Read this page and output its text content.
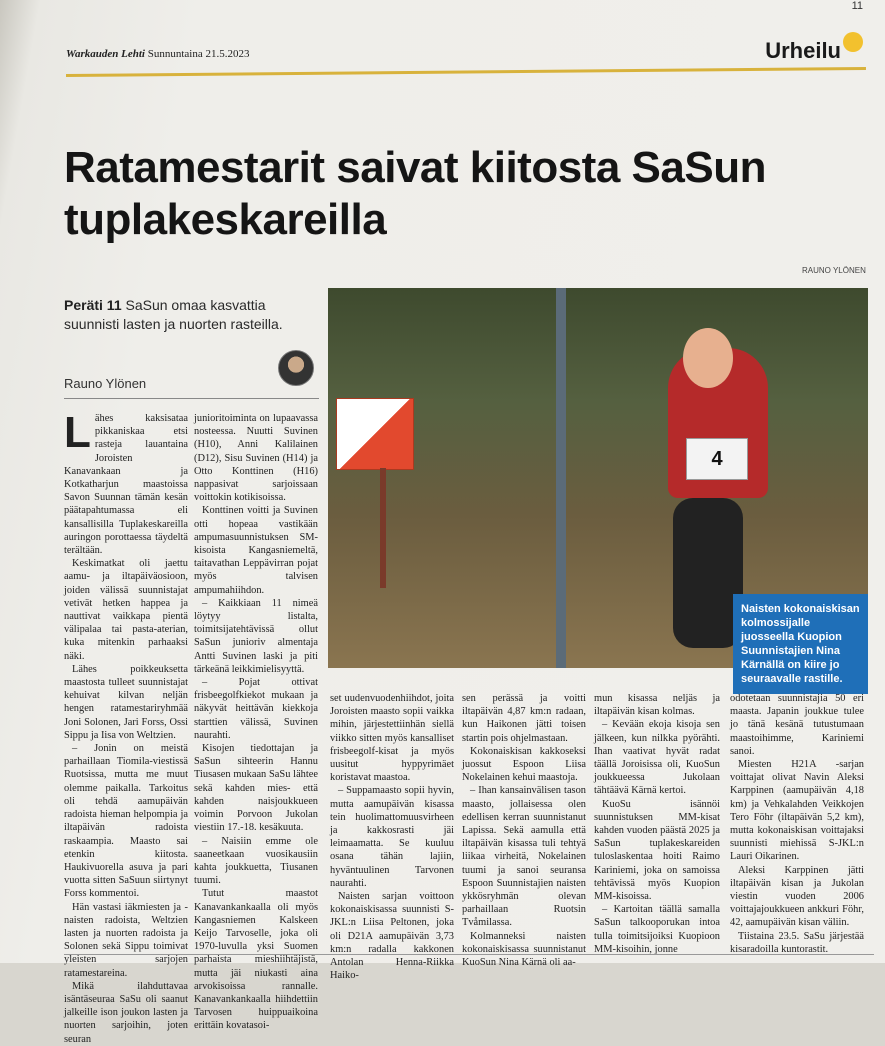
11
Warkauden Lehti Sunnuntaina 21.5.2023	Urheilu
Ratamestarit saivat kiitosta SaSun tuplakeskareilla
RAUNO YLÖNEN
Peräti 11 SaSun omaa kasvattia suunnisti lasten ja nuorten rasteilla.
Rauno Ylönen
4
Naisten kokonaiskisan kolmossijalle juosseella Kuopion Suunnistajien Nina Kärnällä on kiire jo seuraavalle rastille.

Lähes kaksisataa pikkaniskaa etsi rasteja lauantaina Joroisten Kanavankaan ja Kotkatharjun maastoissa Savon Suunnan tämän kesän päätapahtumassa eli kansallisilla Tuplakeskareilla auringon porottaessa täydeltä terältään.

Keskimatkat oli jaettu aamu- ja iltapäiväosioon, joiden välissä suunnistajat vetivät hetken happea ja nauttivat vaikkapa pientä välipalaa tai pasta-aterian, kuka mitenkin parhaaksi näki.

Lähes poikkeuksetta maastosta tulleet suunnistajat kehuivat kilvan neljän hengen ratamestariryhmää Joni Solonen, Jari Forss, Ossi Sippu ja Iisa von Weltzien.

– Jonin on meistä parhaillaan Tiomila-viestissä Ruotsissa, mutta me muut olemme paikalla. Tarkoitus oli tehdä aamupäivän radoista hieman helpompia ja iltapäivän radoista raskaampia. Maasto sai etenkin kiitosta. Haukivuorella asuva ja pari vuotta sitten SaSuun siirtynyt Forss kommentoi.

Hän vastasi iäkmiesten ja -naisten radoista, Weltzien lasten ja nuorten radoista ja Solonen sekä Sippu toimivat yleisten sarjojen ratamestareina.

Mikä ilahduttavaa isäntäseuraa SaSu oli saanut jalkeille ison joukon lasten ja nuorten sarjoihin, joten seuran

junioritoiminta on lupaavassa nosteessa. Nuutti Suvinen (H10), Anni Kalilainen (D12), Sisu Suvinen (H14) ja Otto Konttinen (H16) nappasivat sarjoissaan voittokin kotikisoissa.

Konttinen voitti ja Suvinen otti hopeaa vastikään ampumasuunnistuksen SM-kisoista Kangasniemeltä, taitavathan Leppävirran pojat myös talvisen ampumahiihdon.

– Kaikkiaan 11 nimeä löytyy listalta, toimitsijatehtävissä ollut SaSun junioriv almentaja Antti Suvinen laski ja piti tärkeänä leikkimielisyyttä.

– Pojat ottivat frisbeegolfkiekot mukaan ja näkyvät heittävän kiekkoja starttien välissä, Suvinen naurahti.

Kisojen tiedottajan ja SaSun sihteerin Hannu Tiusasen mukaan SaSu lähtee sekä kahden mies- että kahden naisjoukkueen voimin Porvoon Jukolan viestiin 17.-18. kesäkuuta.

– Naisiin emme ole saaneetkaan vuosikausiin kahta joukkuetta, Tiusanen tuumi.

Tutut maastot Kanavankankaalla oli myös Kangasniemen Kalskeen Keijo Tarvoselle, joka oli 1970-luvulla yksi Suomen parhaista mieshiihtäjistä, mutta jäi niukasti aina arvokisoissa rannalle. Kanavankankaalla hiihdettiin Tarvosen huippuaikoina erittäin kovatasoi-

set uudenvuodenhiihdot, joita Joroisten maasto sopii vaikka mihin, järjestettiinhän siellä viikko sitten myös kansalliset frisbeegolf-kisat ja myös uusitut hyppyrimäet koristavat maastoa.

– Suppamaasto sopii hyvin, mutta aamupäivän kisassa tein huolimattomuusvirheen ja kakkosrasti jäi leimaamatta. Se kuuluu osana tähän lajiin, hyväntuulinen Tarvonen naurahti.

Naisten sarjan voittoon kokonaiskisassa suunnisti S-JKL:n Liisa Peltonen, joka oli D21A aamupäivän 3,73 km:n radalla kakkonen Antolan Henna-Riikka Haiko-

sen perässä ja voitti iltapäivän 4,87 km:n radaan, kun Haikonen jätti toisen startin pois ohjelmastaan.

Kokonaiskisan kakkoseksi juossut Espoon Liisa Nokelainen kehui maastoja.

– Ihan kansainvälisen tason maasto, jollaisessa olen edellisen kerran suunnistanut Lapissa. Sekä aamulla että iltapäivän kisassa tuli tehtyä liikaa virheitä, Nokelainen tuumi ja sanoi seuransa Espoon Suunnistajien naisten ykkösryhmän olevan parhaillaan Ruotsin Tvåmilassa.

Kolmanneksi naisten kokonaiskisassa suunnistanut KuoSun Nina Kärnä oli aa-

mun kisassa neljäs ja iltapäivän kisan kolmas.

– Kevään ekoja kisoja sen jälkeen, kun nilkka pyörähti. Ihan vaativat hyvät radat täällä Joroisissa oli, KuoSun joukkueessa Jukolaan tähtäävä Kärnä kertoi.

KuoSu isännöi suunnistuksen MM-kisat kahden vuoden päästä 2025 ja SaSun tuplakeskareiden tuloslaskentaa hoiti Raimo Kariniemi, joka on samoissa tehtävissä myös Kuopion MM-kisoissa.

– Kartoitan täällä samalla SaSun talkooporukan intoa tulla toimitsijoiksi Kuopioon MM-kisoihin, jonne

odotetaan suunnistajia 50 eri maasta. Japanin joukkue tulee jo tänä kesänä tutustumaan maastoihimme, Kariniemi sanoi.

Miesten H21A -sarjan voittajat olivat Navin Aleksi Karppinen (aamupäivän 4,18 km) ja Vehkalahden Veikkojen Tero Föhr (iltapäivän 5,2 km), mutta kokonaiskisan voittajaksi suunnisti miehissä S-JKL:n Lauri Oikarinen.

Aleksi Karppinen jätti iltapäivän kisan ja Jukolan viestin vuoden 2006 voittajajoukkueen ankkuri Föhr, 42, aamupäivän kisan väliin.

Tiistaina 23.5. SaSu järjestää kisaradoilla kuntorastit.
